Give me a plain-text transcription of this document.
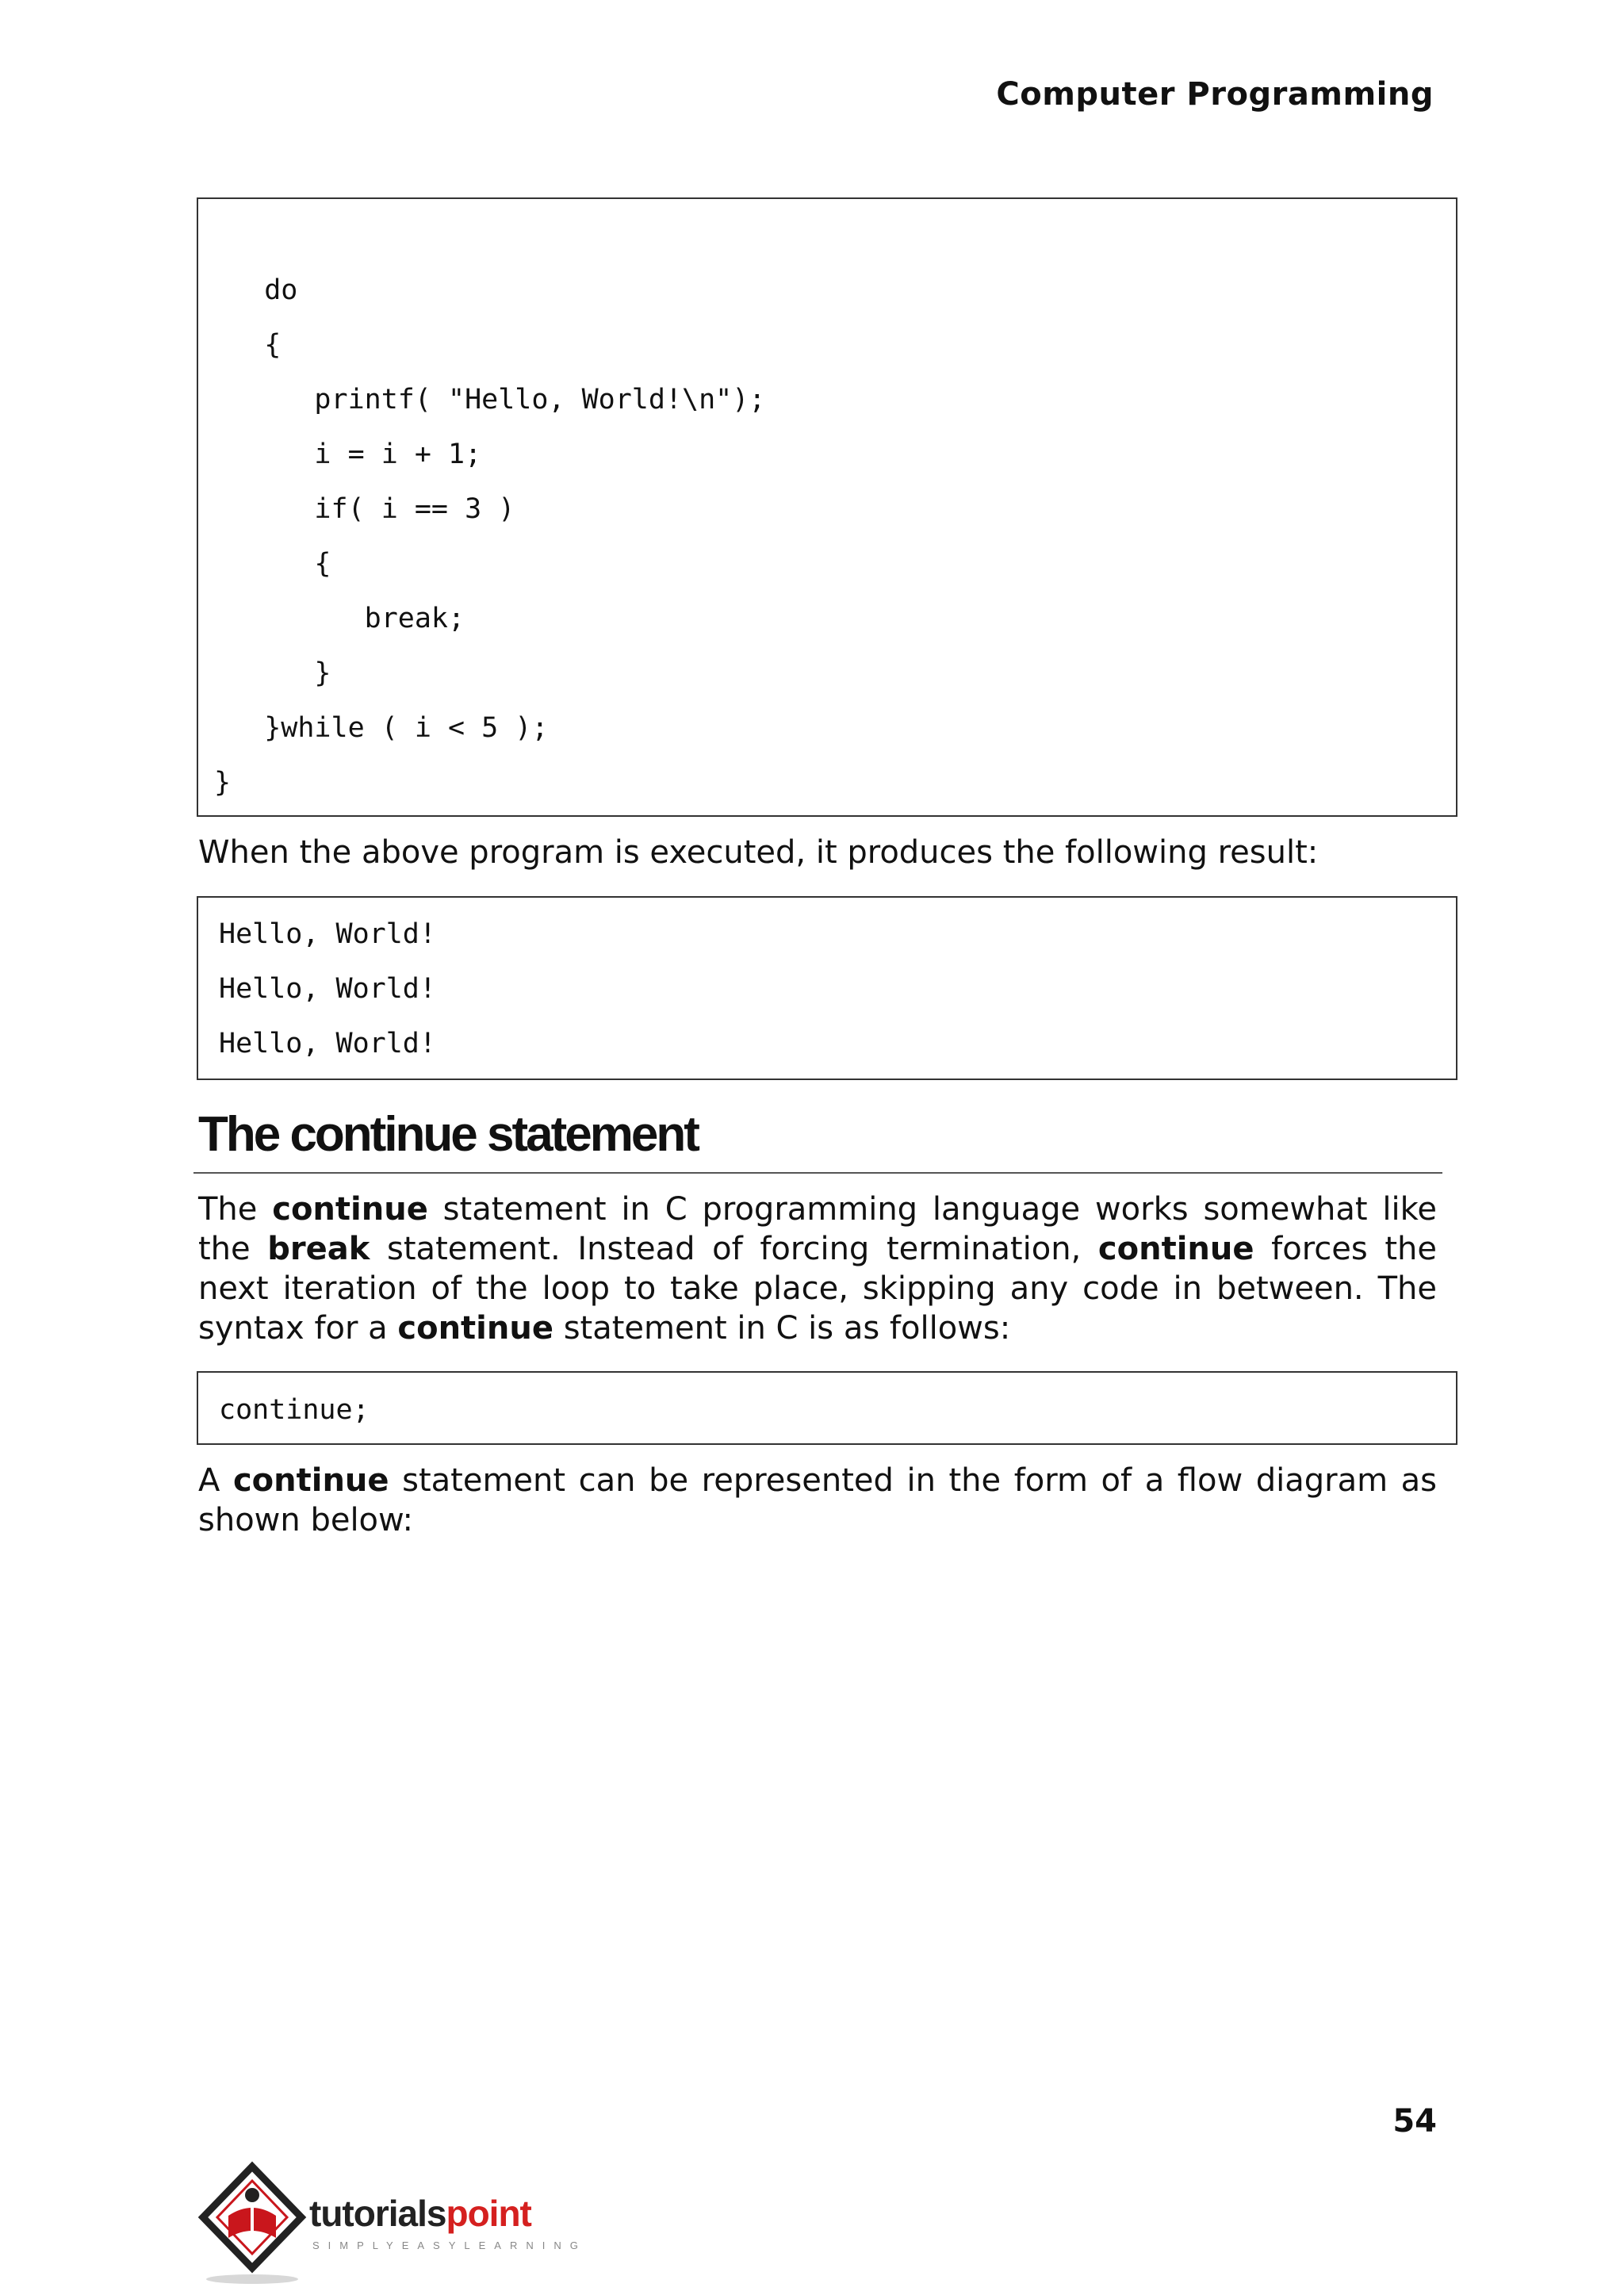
Computer Programming
do
{
printf( "Hello, World!\n");
i = i + 1;
if( i == 3 )
{
break;
}
}while ( i < 5 );
}
When the above program is executed, it produces the following result:
Hello, World!
Hello, World!
Hello, World!
The continue statement
The continue statement in C programming language works somewhat like the break statement. Instead of forcing termination, continue forces the next iteration of the loop to take place, skipping any code in between. The syntax for a continue statement in C is as follows:
continue;
A continue statement can be represented in the form of a flow diagram as shown below:
54
tutorialspoint
SIMPLYEASYLEARNING
